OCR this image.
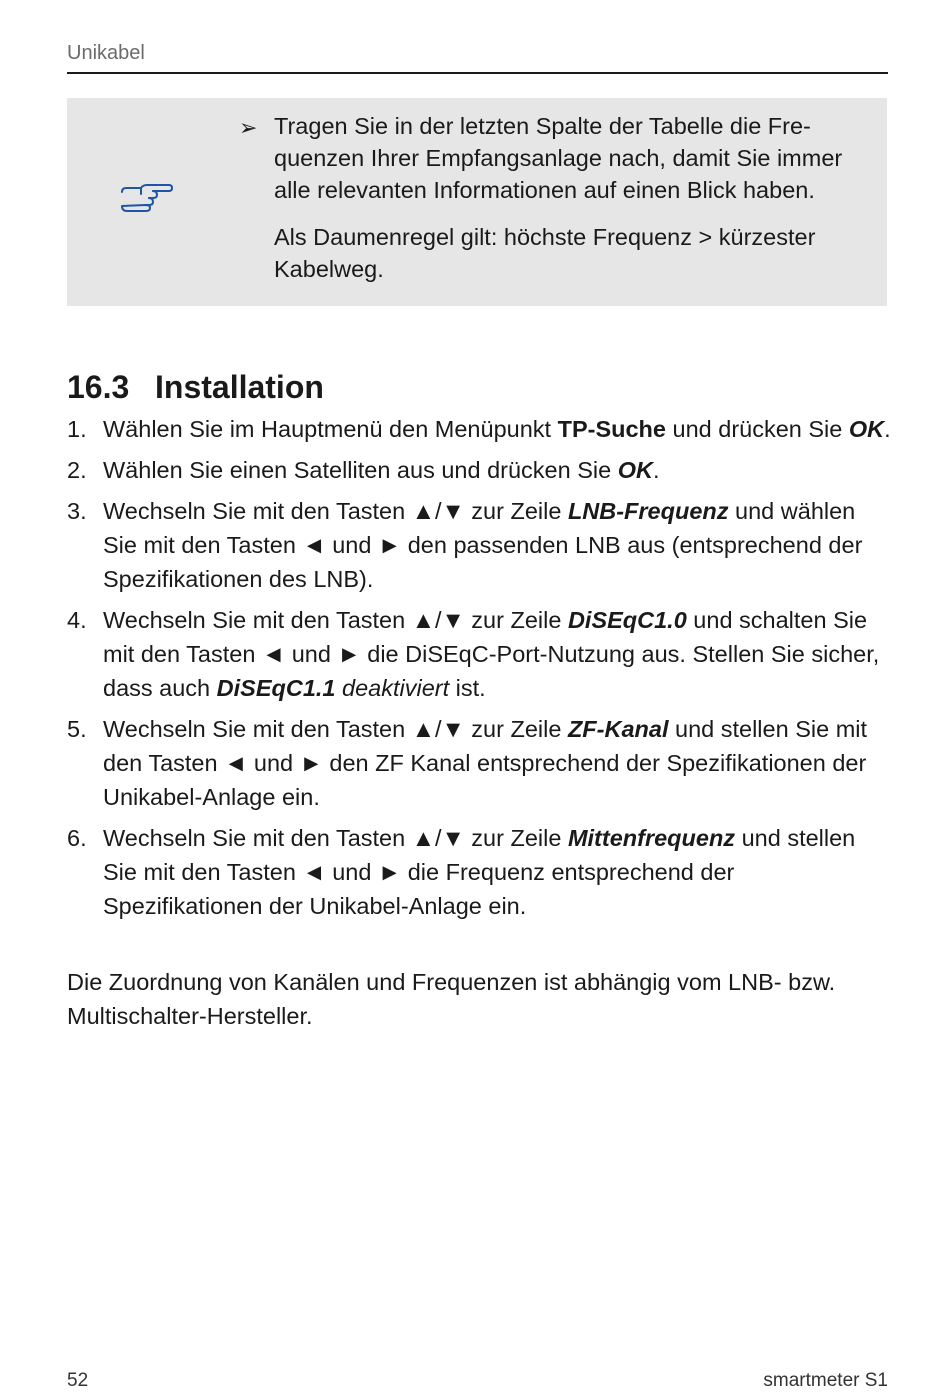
Unikabel
➢ Tragen Sie in der letzten Spalte der Tabelle die Fre-
quenzen Ihrer Empfangsanlage nach, damit Sie immer
alle relevanten Informationen auf einen Blick haben.

Als Daumenregel gilt: höchste Frequenz > kürzester
Kabelweg.

16.3 Installation
1. Wählen Sie im Hauptmenü den Menüpunkt TP-Suche und drücken Sie OK.
2. Wählen Sie einen Satelliten aus und drücken Sie OK.
3. Wechseln Sie mit den Tasten ▲/▼ zur Zeile LNB-Frequenz und wählen Sie mit den Tasten ◄ und ► den passenden LNB aus (entsprechend der Spezifikationen des LNB).
4. Wechseln Sie mit den Tasten ▲/▼ zur Zeile DiSEqC1.0 und schalten Sie mit den Tasten ◄ und ► die DiSEqC-Port-Nutzung aus. Stellen Sie sicher, dass auch DiSEqC1.1 deaktiviert ist.
5. Wechseln Sie mit den Tasten ▲/▼ zur Zeile ZF-Kanal und stellen Sie mit den Tasten ◄ und ► den ZF Kanal entsprechend der Spezifikationen der Unikabel-Anlage ein.
6. Wechseln Sie mit den Tasten ▲/▼ zur Zeile Mittenfrequenz und stellen Sie mit den Tasten ◄ und ► die Frequenz entsprechend der Spezifikationen der Unikabel-Anlage ein.

Die Zuordnung von Kanälen und Frequenzen ist abhängig vom LNB- bzw. Multischalter-Hersteller.

52	smartmeter S1
